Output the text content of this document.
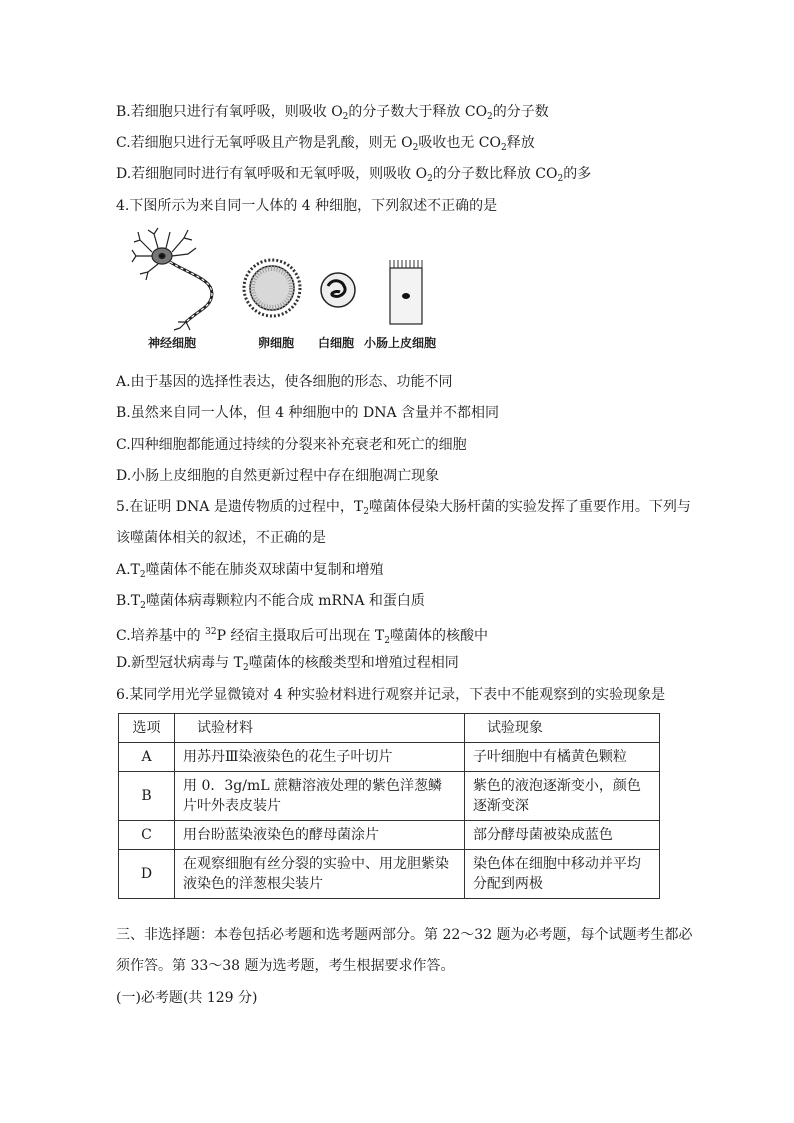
B.若细胞只进行有氧呼吸，则吸收 $O_2$的分子数大于释放 $CO_2$的分子数
C.若细胞只进行无氧呼吸且产物是乳酸，则无 $O_2$吸收也无 $CO_2$释放
D.若细胞同时进行有氧呼吸和无氧呼吸，则吸收 $O_2$的分子数比释放 $CO_2$的多
4.下图所示为来自同一人体的 4 种细胞，下列叙述不正确的是
神经细胞	卵细胞 白细胞 小肠上皮细胞
A.由于基因的选择性表达，使各细胞的形态、功能不同
B.虽然来自同一人体，但 4 种细胞中的 DNA 含量并不都相同
C.四种细胞都能通过持续的分裂来补充衰老和死亡的细胞
D.小肠上皮细胞的自然更新过程中存在细胞凋亡现象
5.在证明 DNA 是遗传物质的过程中，$T_2$噬菌体侵染大肠杆菌的实验发挥了重要作用。下列与
该噬菌体相关的叙述，不正确的是
$A.T_2$噬菌体不能在肺炎双球菌中复制和增殖
$B.T_2$噬菌体病毒颗粒内不能合成 mRNA 和蛋白质
C.培养基中的 $^{32}$P 经宿主摄取后可出现在 $T_2$噬菌体的核酸中
D.新型冠状病毒与 $T_2$噬菌体的核酸类型和增殖过程相同
6.某同学用光学显微镜对 4 种实验材料进行观察并记录，下表中不能观察到的实验现象是
选项	试验材料	试验现象
A	用苏丹Ⅲ染液染色的花生子叶切片	子叶细胞中有橘黄色颗粒
B	用 0．3g/mL 蔗糖溶液处理的紫色洋葱鳞片叶外表皮装片	紫色的液泡逐渐变小，颜色逐渐变深
C	用台盼蓝染液染色的酵母菌涂片	部分酵母菌被染成蓝色
D	在观察细胞有丝分裂的实验中、用龙胆紫染液染色的洋葱根尖装片	染色体在细胞中移动并平均分配到两极
三、非选择题：本卷包括必考题和选考题两部分。第 22～32 题为必考题，每个试题考生都必
须作答。第 33～38 题为选考题，考生根据要求作答。
(一)必考题(共 129 分)
